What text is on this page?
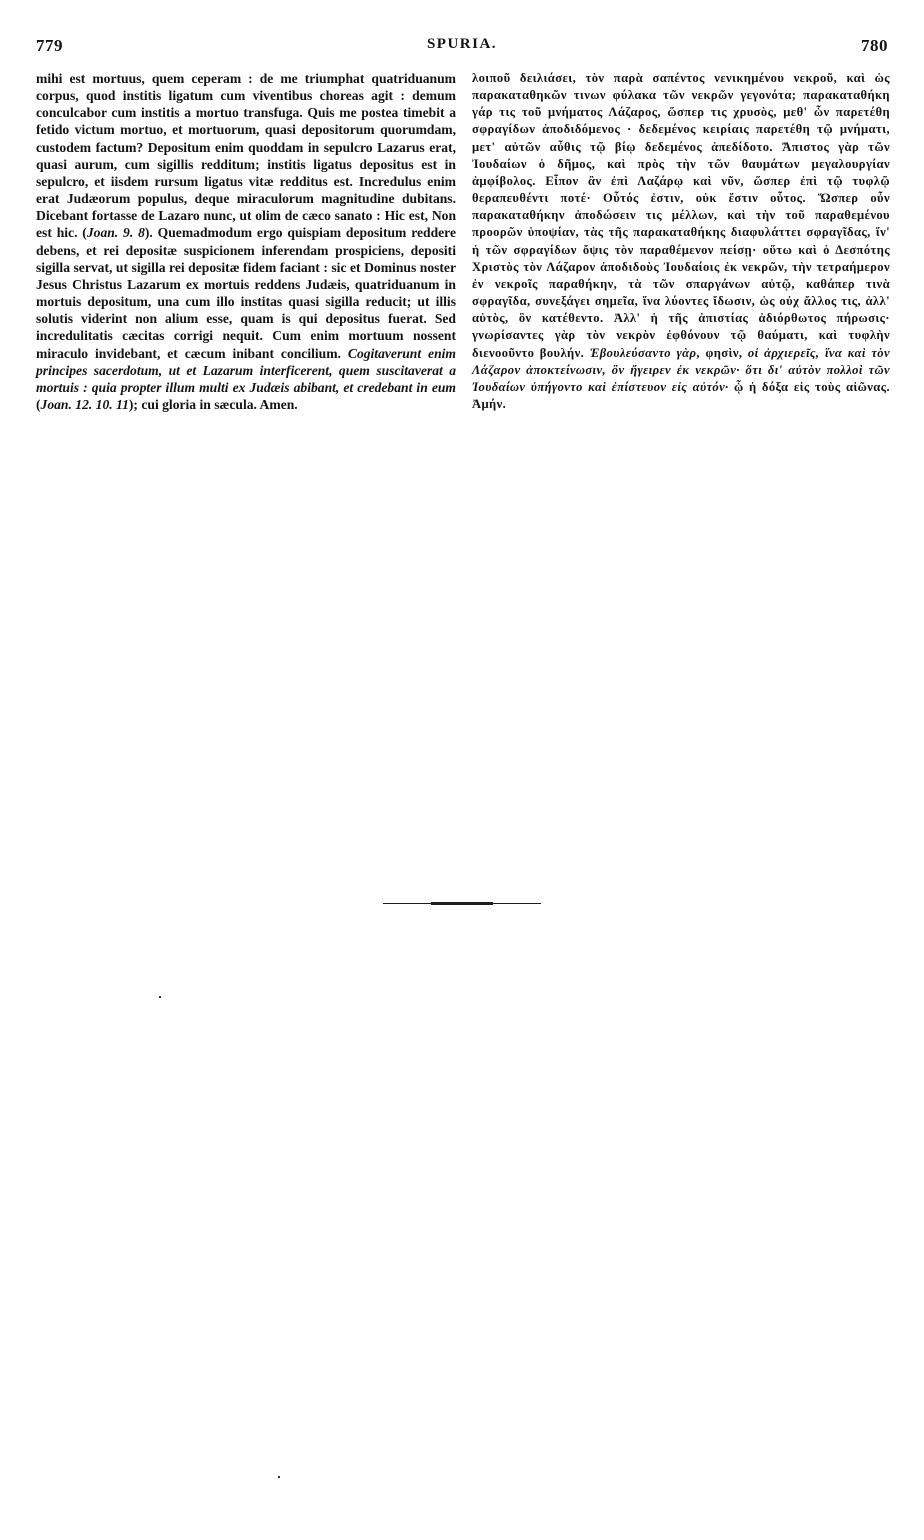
779	SPURIA.	780

mihi est mortuus, quem ceperam : de me triumphat quatriduanum corpus, quod institis ligatum cum viventibus choreas agit : demum conculcabor cum institis a mortuo transfuga. Quis me postea timebit a fetido victum mortuo, et mortuorum, quasi depositorum quorumdam, custodem factum? Depositum enim quoddam in sepulcro Lazarus erat, quasi aurum, cum sigillis redditum; institis ligatus depositus est in sepulcro, et iisdem rursum ligatus vitæ redditus est. Incredulus enim erat Judæorum populus, deque miraculorum magnitudine dubitans. Dicebant fortasse de Lazaro nunc, ut olim de cæco sanato : Hic est, Non est hic. (Joan. 9. 8). Quemadmodum ergo quispiam depositum reddere debens, et rei depositæ suspicionem inferendam prospiciens, depositi sigilla servat, ut sigilla rei depositæ fidem faciant : sic et Dominus noster Jesus Christus Lazarum ex mortuis reddens Judæis, quatriduanum in mortuis depositum, una cum illo institas quasi sigilla reducit; ut illis solutis viderint non alium esse, quam is qui depositus fuerat. Sed incredulitatis cæcitas corrigi nequit. Cum enim mortuum nossent miraculo invidebant, et cæcum inibant concilium. Cogitaverunt enim principes sacerdotum, ut et Lazarum interficerent, quem suscitaverat a mortuis : quia propter illum multi ex Judæis abibant, et credebant in eum (Joan. 12. 10. 11); cui gloria in sæcula. Amen.

λοιποῦ δειλιάσει, τὸν παρὰ σαπέντος νενικημένου νεκροῦ, καὶ ὡς παρακαταθηκῶν τινων φύλακα τῶν νεκρῶν γεγονότα; παρακαταθήκη γάρ τις τοῦ μνήματος Λάζαρος, ὥσπερ τις χρυσὸς, μεθ' ὧν παρετέθη σφραγίδων ἀποδιδόμενος · δεδεμένος κειρίαις παρετέθη τῷ μνήματι, μετ' αὐτῶν αὖθις τῷ βίῳ δεδεμένος ἀπεδίδοτο. Ἄπιστος γὰρ τῶν Ἰουδαίων ὁ δῆμος, καὶ πρὸς τὴν τῶν θαυμάτων μεγαλουργίαν ἀμφίβολος. Εἶπον ἂν ἐπὶ Λαζάρῳ καὶ νῦν, ὥσπερ ἐπὶ τῷ τυφλῷ θεραπευθέντι ποτέ· Οὗτός ἐστιν, οὐκ ἔστιν οὗτος. Ὥσπερ οὖν παρακαταθήκην ἀποδώσειν τις μέλλων, καὶ τὴν τοῦ παραθεμένου προορῶν ὑποψίαν, τὰς τῆς παρακαταθήκης διαφυλάττει σφραγῖδας, ἵν' ἡ τῶν σφραγίδων ὄψις τὸν παραθέμενον πείσῃ· οὕτω καὶ ὁ Δεσπότης Χριστὸς τὸν Λάζαρον ἀποδιδοὺς Ἰουδαίοις ἐκ νεκρῶν, τὴν τετραήμερον ἐν νεκροῖς παραθήκην, τὰ τῶν σπαργάνων αὐτῷ, καθάπερ τινὰ σφραγῖδα, συνεξάγει σημεῖα, ἵνα λύοντες ἴδωσιν, ὡς οὐχ ἄλλος τις, ἀλλ' αὐτὸς, ὃν κατέθεντο. Ἀλλ' ἡ τῆς ἀπιστίας ἀδιόρθωτος πήρωσις· γνωρίσαντες γὰρ τὸν νεκρὸν ἐφθόνουν τῷ θαύματι, καὶ τυφλὴν διενοοῦντο βουλήν. Ἐβουλεύσαντο γὰρ, φησὶν, οἱ ἀρχιερεῖς, ἵνα καὶ τὸν Λάζαρον ἀποκτείνωσιν, ὃν ἤγειρεν ἐκ νεκρῶν· ὅτι δι' αὐτὸν πολλοὶ τῶν Ἰουδαίων ὑπήγοντο καὶ ἐπίστευον εἰς αὐτόν· ᾧ ἡ δόξα εἰς τοὺς αἰῶνας. Ἀμήν.
